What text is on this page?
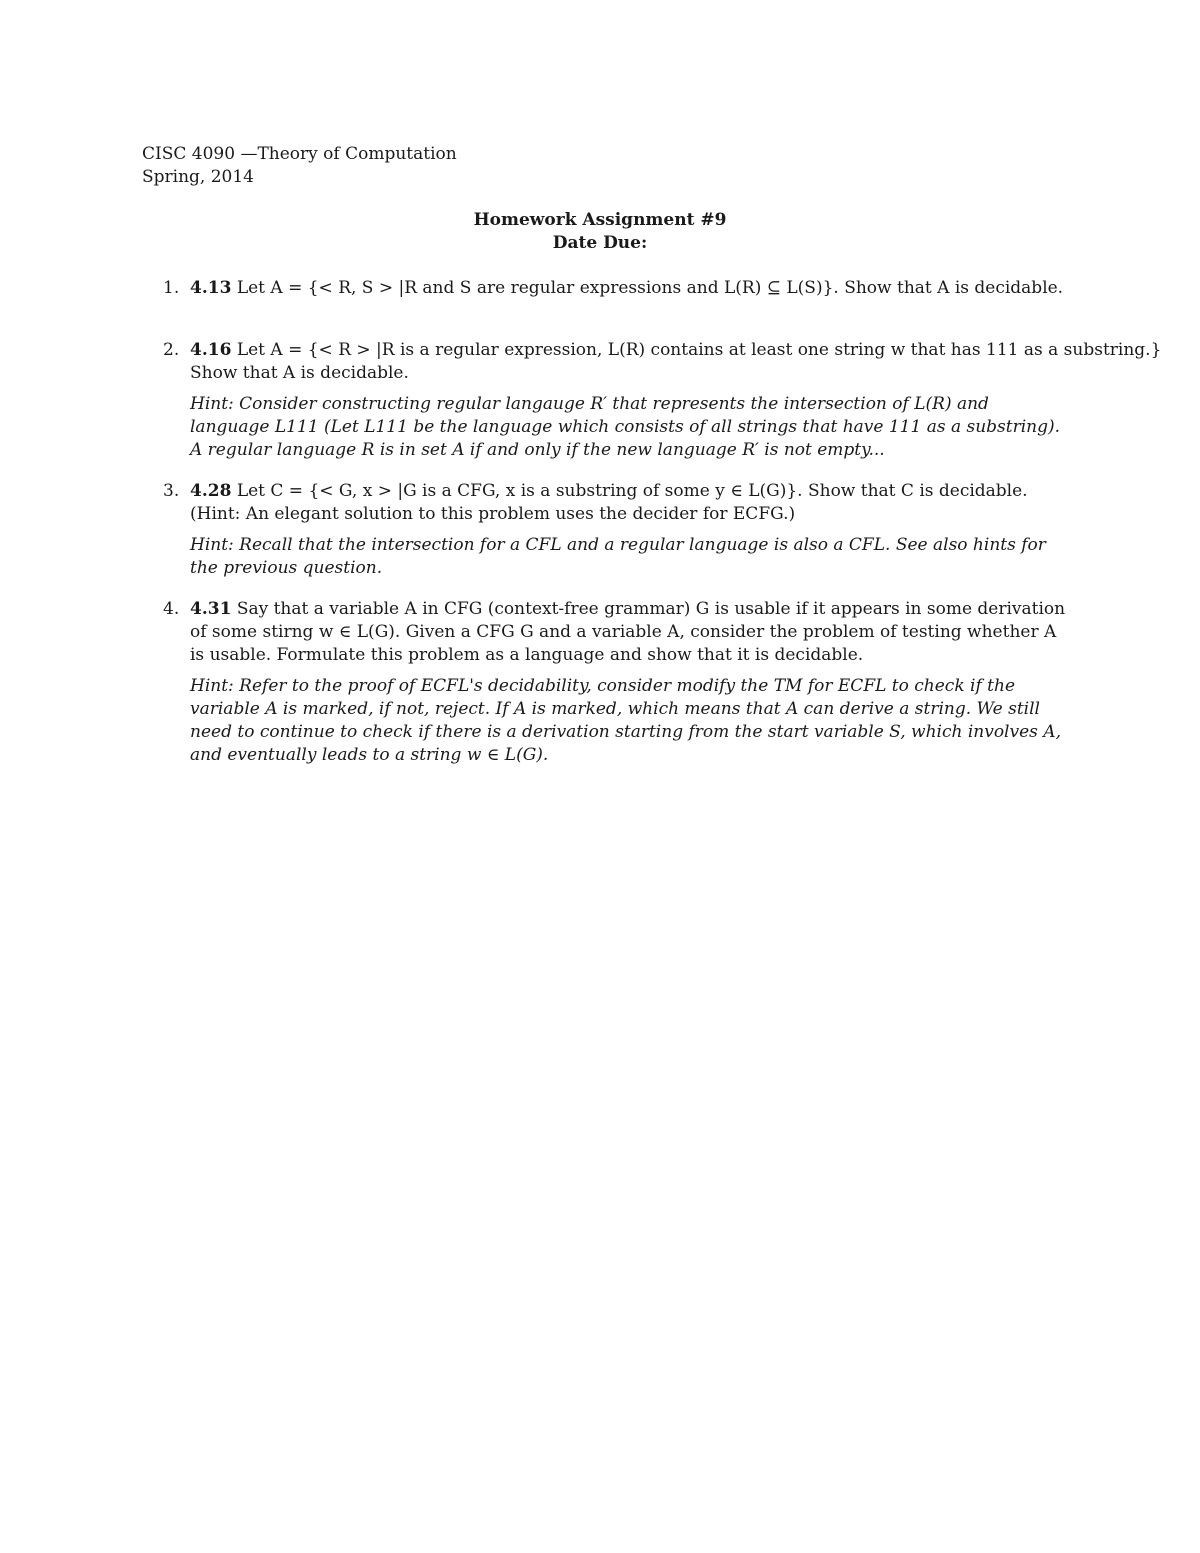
CISC 4090 —Theory of Computation
Spring, 2014
Homework Assignment #9
Date Due:
1. 4.13 Let A = {< R, S > |R and S are regular expressions and L(R) ⊆ L(S)}. Show that A is decidable.
2. 4.16 Let A = {< R > |R is a regular expression, L(R) contains at least one string w that has 111 as a substring.} Show that A is decidable.
Hint: Consider constructing regular langauge R′ that represents the intersection of L(R) and language L111 (Let L111 be the language which consists of all strings that have 111 as a substring). A regular language R is in set A if and only if the new language R′ is not empty...
3. 4.28 Let C = {< G, x > |G is a CFG, x is a substring of some y ∈ L(G)}. Show that C is decidable. (Hint: An elegant solution to this problem uses the decider for ECFG.)
Hint: Recall that the intersection for a CFL and a regular language is also a CFL. See also hints for the previous question.
4. 4.31 Say that a variable A in CFG (context-free grammar) G is usable if it appears in some derivation of some stirng w ∈ L(G). Given a CFG G and a variable A, consider the problem of testing whether A is usable. Formulate this problem as a language and show that it is decidable.
Hint: Refer to the proof of ECFL's decidability, consider modify the TM for ECFL to check if the variable A is marked, if not, reject. If A is marked, which means that A can derive a string. We still need to continue to check if there is a derivation starting from the start variable S, which involves A, and eventually leads to a string w ∈ L(G).
